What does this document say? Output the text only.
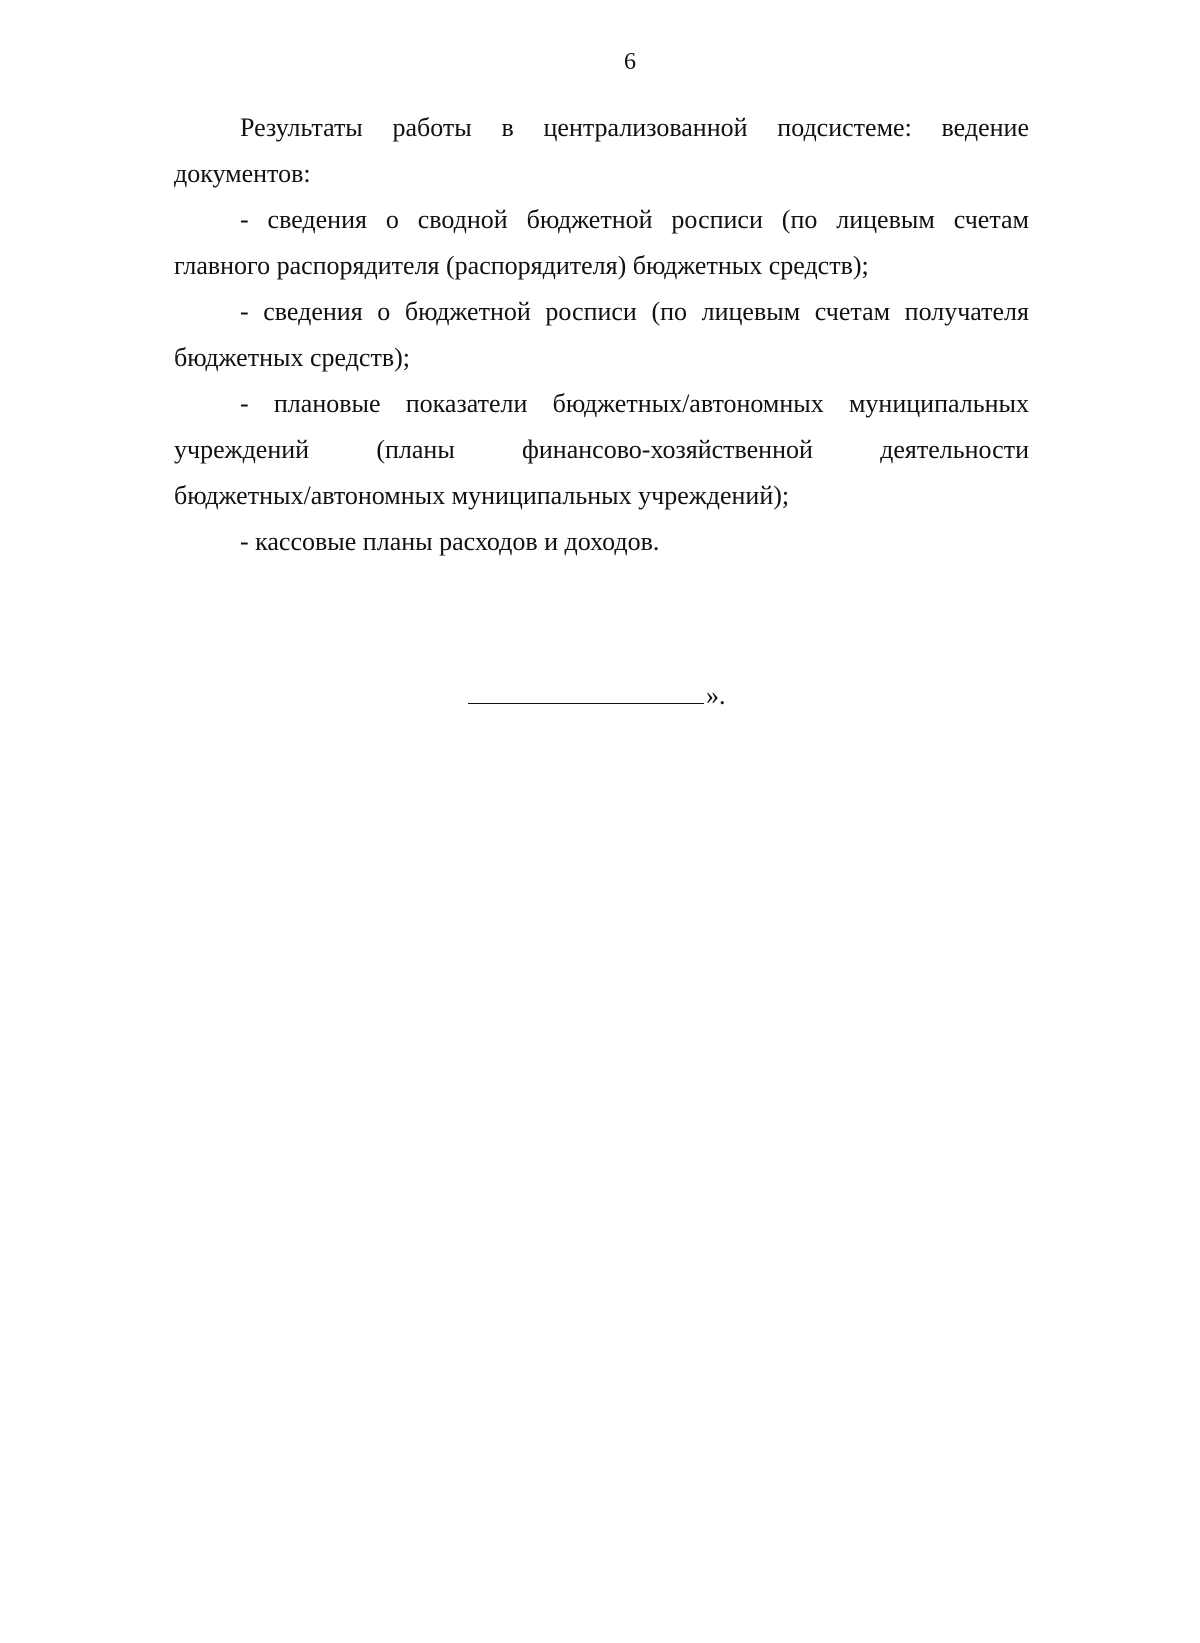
6
Результаты работы в централизованной подсистеме: ведение
документов:
- сведения о сводной бюджетной росписи (по лицевым счетам
главного распорядителя (распорядителя) бюджетных средств);
- сведения о бюджетной росписи (по лицевым счетам получателя
бюджетных средств);
- плановые показатели бюджетных/автономных муниципальных
учреждений (планы финансово-хозяйственной деятельности
бюджетных/автономных муниципальных учреждений);
- кассовые планы расходов и доходов.
».
